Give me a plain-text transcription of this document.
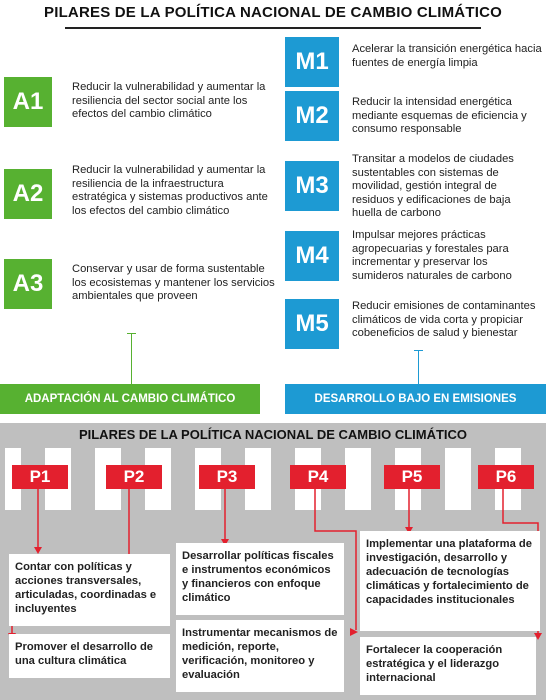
PILARES DE LA POLÍTICA NACIONAL DE CAMBIO CLIMÁTICO
A1
Reducir la vulnerabilidad y aumentar la resiliencia del sector social ante los efectos del cambio climático
A2
Reducir la vulnerabilidad y aumentar la resiliencia de la infraestructura estratégica y sistemas productivos ante los efectos del cambio climático
A3
Conservar y usar de forma sustentable los ecosistemas y mantener los servicios ambientales que proveen
M1	Acelerar la transición energética hacia fuentes de energía limpia
M2	Reducir la intensidad energética mediante esquemas de eficiencia y consumo responsable
M3
Transitar a modelos de ciudades sustentables con sistemas de movilidad, gestión integral de residuos y edificaciones de baja huella de carbono
M4
Impulsar mejores prácticas agropecuarias y forestales para incrementar y preservar los sumideros naturales de carbono
M5
Reducir emisiones de contaminantes climáticos de vida corta y propiciar cobeneficios de salud y bienestar
ADAPTACIÓN AL CAMBIO CLIMÁTICO	DESARROLLO BAJO EN EMISIONES
PILARES DE LA POLÍTICA NACIONAL DE CAMBIO CLIMÁTICO
P1	P2	P3	P4	P5	P6
Contar con políticas y acciones transversales, articuladas, coordinadas e incluyentes
Promover el desarrollo de una cultura climática
Desarrollar políticas fiscales e instrumentos económicos y financieros con enfoque climático
Instrumentar mecanismos de medición, reporte, verificación, monitoreo y evaluación
Implementar una plataforma de investigación, desarrollo y adecuación de tecnologías climáticas y fortalecimiento de capacidades institucionales
Fortalecer la cooperación estratégica y el liderazgo internacional
